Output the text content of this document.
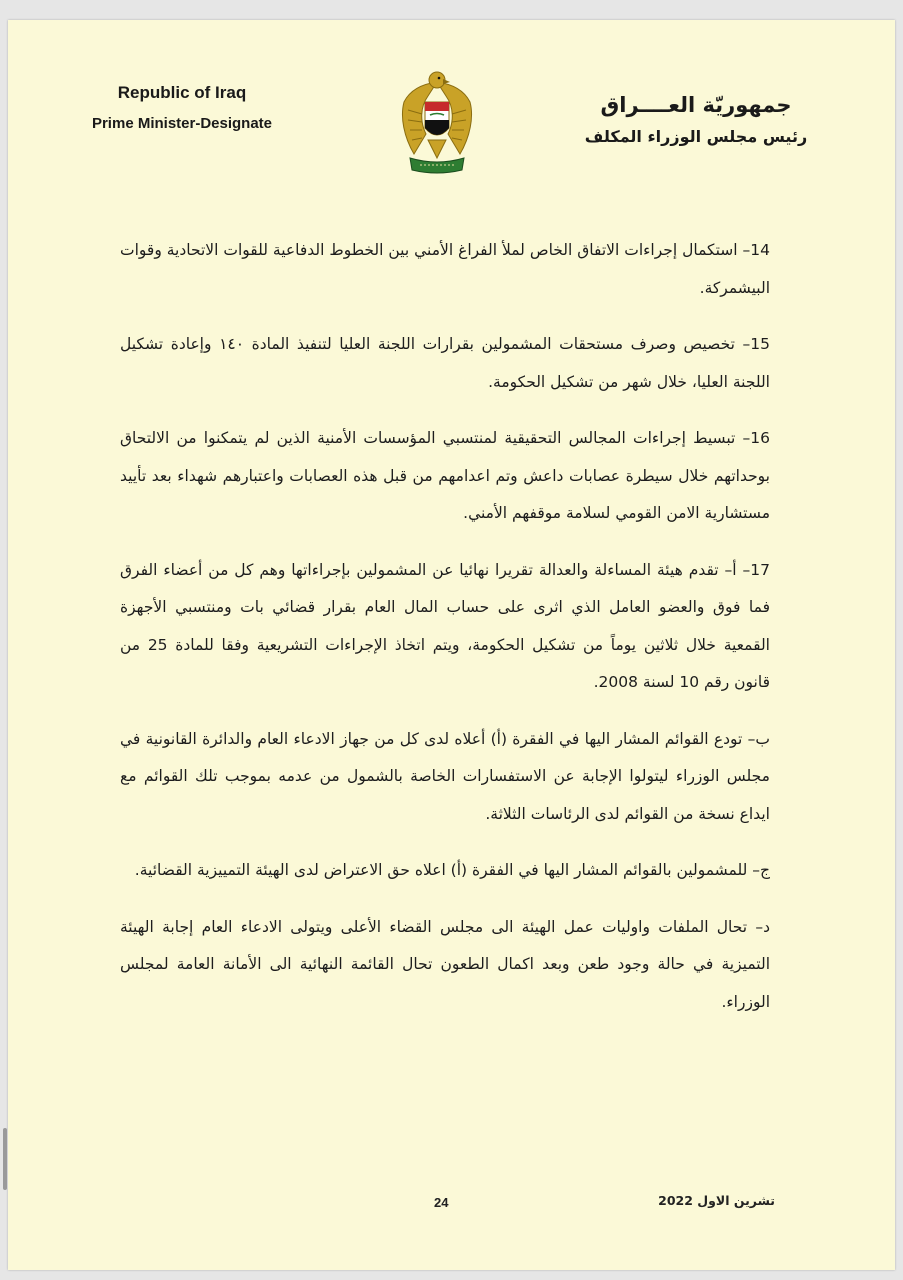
Republic of Iraq
Prime Minister-Designate
جمهوريّة العــــراق
رئيس مجلس الوزراء المكلف

14– استكمال إجراءات الاتفاق الخاص لملأ الفراغ الأمني بين الخطوط الدفاعية للقوات الاتحادية وقوات البيشمركة.

15– تخصيص وصرف مستحقات المشمولين بقرارات اللجنة العليا لتنفيذ المادة ١٤٠ وإعادة تشكيل اللجنة العليا، خلال شهر من تشكيل الحكومة.

16– تبسيط إجراءات المجالس التحقيقية لمنتسبي المؤسسات الأمنية الذين لم يتمكنوا من الالتحاق بوحداتهم خلال سيطرة عصابات داعش وتم اعدامهم من قبل هذه العصابات واعتبارهم شهداء بعد تأييد مستشارية الامن القومي لسلامة موقفهم الأمني.

17– أ– تقدم هيئة المساءلة والعدالة تقريرا نهائيا عن المشمولين بإجراءاتها وهم كل من أعضاء الفرق فما فوق والعضو العامل الذي اثرى على حساب المال العام بقرار قضائي بات ومنتسبي الأجهزة القمعية خلال ثلاثين يوماً من تشكيل الحكومة، ويتم اتخاذ الإجراءات التشريعية وفقا للمادة 25 من قانون رقم 10 لسنة 2008.

ب– تودع القوائم المشار اليها في الفقرة (أ) أعلاه لدى كل من جهاز الادعاء العام والدائرة القانونية في مجلس الوزراء ليتولوا الإجابة عن الاستفسارات الخاصة بالشمول من عدمه بموجب تلك القوائم مع ايداع نسخة من القوائم لدى الرئاسات الثلاثة.

ج– للمشمولين بالقوائم المشار اليها في الفقرة (أ) اعلاه حق الاعتراض لدى الهيئة التمييزية القضائية.

د– تحال الملفات واوليات عمل الهيئة الى مجلس القضاء الأعلى ويتولى الادعاء العام إجابة الهيئة التميزية في حالة وجود طعن وبعد اكمال الطعون تحال القائمة النهائية الى الأمانة العامة لمجلس الوزراء.

24	تشرين الاول 2022
